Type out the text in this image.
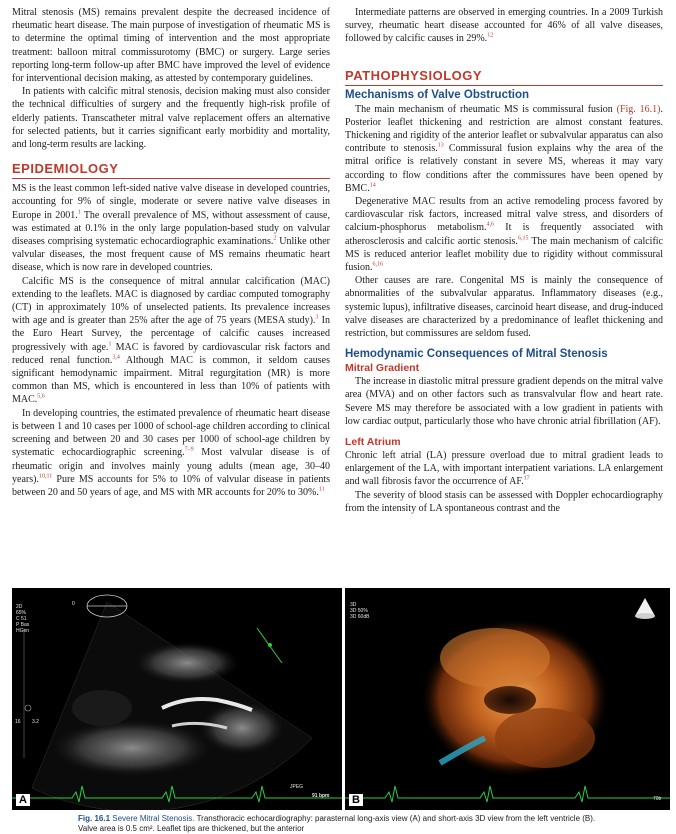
Mitral stenosis (MS) remains prevalent despite the decreased incidence of rheumatic heart disease. The main purpose of investigation of rheumatic MS is to determine the optimal timing of intervention and the most appropriate treatment: balloon mitral commissurotomy (BMC) or surgery. Large series reporting long-term follow-up after BMC have improved the level of evidence for interventional decision making, as attested by contemporary guidelines.

In patients with calcific mitral stenosis, decision making must also consider the technical difficulties of surgery and the frequently high-risk profile of elderly patients. Transcatheter mitral valve replacement offers an alternative for selected patients, but it carries significant early morbidity and mortality, and long-term results are lacking.

EPIDEMIOLOGY

MS is the least common left-sided native valve disease in developed countries, accounting for 9% of single, moderate or severe native valve diseases in Europe in 2001.$^1$ The overall prevalence of MS, without assessment of cause, was estimated at 0.1% in the only large population-based study on valvular diseases comprising systematic echocardiographic examinations.$^2$ Unlike other valvular diseases, the most frequent cause of MS remains rheumatic heart disease, which is now rare in developed countries.

Calcific MS is the consequence of mitral annular calcification (MAC) extending to the leaflets. MAC is diagnosed by cardiac computed tomography (CT) in approximately 10% of unselected patients. Its prevalence increases with age and is greater than 25% after the age of 75 years (MESA study).$^3$ In the Euro Heart Survey, the percentage of calcific causes increased progressively with age.$^1$ MAC is favored by cardiovascular risk factors and reduced renal function.$^{3,4}$ Although MAC is common, it seldom causes significant hemodynamic impairment. Mitral regurgitation (MR) is more common than MS, which is encountered in less than 10% of patients with MAC.$^{5,6}$

In developing countries, the estimated prevalence of rheumatic heart disease is between 1 and 10 cases per 1000 of school-age children according to clinical screening and between 20 and 30 cases per 1000 of school-age children by systematic echocardiographic screening.$^{7-9}$ Most valvular disease is of rheumatic origin and involves mainly young adults (mean age, 30–40 years).$^{10,11}$ Pure MS accounts for 5% to 10% of valvular disease in patients between 20 and 50 years of age, and MS with MR accounts for 20% to 30%.$^{11}$

Intermediate patterns are observed in emerging countries. In a 2009 Turkish survey, rheumatic heart disease accounted for 46% of all valve diseases, followed by calcific causes in 29%.$^{12}$

PATHOPHYSIOLOGY
Mechanisms of Valve Obstruction

The main mechanism of rheumatic MS is commissural fusion (Fig. 16.1). Posterior leaflet thickening and restriction are almost constant features. Thickening and rigidity of the anterior leaflet or subvalvular apparatus can also contribute to stenosis.$^{13}$ Commissural fusion explains why the area of the mitral orifice is relatively constant in severe MS, whereas it may vary according to flow conditions after the commissures have been opened by BMC.$^{14}$

Degenerative MAC results from an active remodeling process favored by cardiovascular risk factors, increased mitral valve stress, and disorders of calcium-phosphorus metabolism.$^{4,6}$ It is frequently associated with atherosclerosis and calcific aortic stenosis.$^{6,15}$ The main mechanism of calcific MS is reduced anterior leaflet mobility due to rigidity without commissural fusion.$^{6,16}$

Other causes are rare. Congenital MS is mainly the consequence of abnormalities of the subvalvular apparatus. Inflammatory diseases (e.g., systemic lupus), infiltrative diseases, carcinoid heart disease, and drug-induced valve diseases are characterized by a predominance of leaflet thickening and restriction, but commissures are seldom fused.

Hemodynamic Consequences of Mitral Stenosis
Mitral Gradient

The increase in diastolic mitral pressure gradient depends on the mitral valve area (MVA) and on other factors such as transvalvular flow and heart rate. Severe MS may therefore be associated with a low gradient in patients with low cardiac output, particularly those who have chronic atrial fibrillation (AF).

Left Atrium

Chronic left atrial (LA) pressure overload due to mitral gradient leads to enlargement of the LA, with important interpatient variations. LA enlargement and wall fibrosis favor the occurrence of AF.$^{17}$

The severity of blood stasis can be assessed with Doppler echocardiography from the intensity of LA spontaneous contrast and the

2D
65%
C 51
P Bas
HGen
0
16 3.2
JPEG
91 bpm
A
3D
3D 50%
3D 60dB
70b
B
Fig. 16.1 Severe Mitral Stenosis. Transthoracic echocardiography: parasternal long-axis view (A) and short-axis 3D view from the left ventricle (B). Valve area is 0.5 cm². Leaflet tips are thickened, but the anterior
